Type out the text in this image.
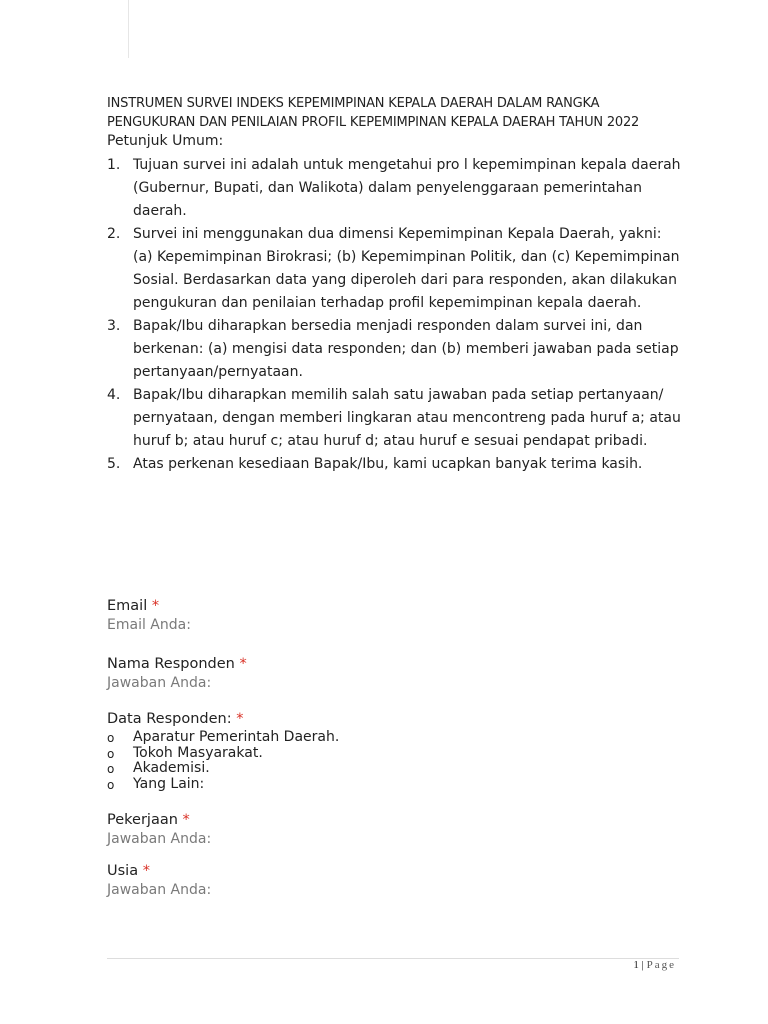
INSTRUMEN SURVEI INDEKS KEPEMIMPINAN KEPALA DAERAH DALAM RANGKA PENGUKURAN DAN PENILAIAN PROFIL KEPEMIMPINAN KEPALA DAERAH TAHUN 2022

Petunjuk Umum:

1. Tujuan survei ini adalah untuk mengetahui pro l kepemimpinan kepala daerah (Gubernur, Bupati, dan Walikota) dalam penyelenggaraan pemerintahan daerah.
2. Survei ini menggunakan dua dimensi Kepemimpinan Kepala Daerah, yakni: (a) Kepemimpinan Birokrasi; (b) Kepemimpinan Politik, dan (c) Kepemimpinan Sosial. Berdasarkan data yang diperoleh dari para responden, akan dilakukan pengukuran dan penilaian terhadap profil kepemimpinan kepala daerah.
3. Bapak/Ibu diharapkan bersedia menjadi responden dalam survei ini, dan berkenan: (a) mengisi data responden; dan (b) memberi jawaban pada setiap pertanyaan/pernyataan.
4. Bapak/Ibu diharapkan memilih salah satu jawaban pada setiap pertanyaan/ pernyataan, dengan memberi lingkaran atau mencontreng pada huruf a; atau huruf b; atau huruf c; atau huruf d; atau huruf e sesuai pendapat pribadi.
5. Atas perkenan kesediaan Bapak/Ibu, kami ucapkan banyak terima kasih.

Email *

Email Anda:

Nama Responden *

Jawaban Anda:

Data Responden: *

o Aparatur Pemerintah Daerah.
o Tokoh Masyarakat.
o Akademisi.
o Yang Lain:

Pekerjaan *

Jawaban Anda:

Usia *

Jawaban Anda:

1 | Page
